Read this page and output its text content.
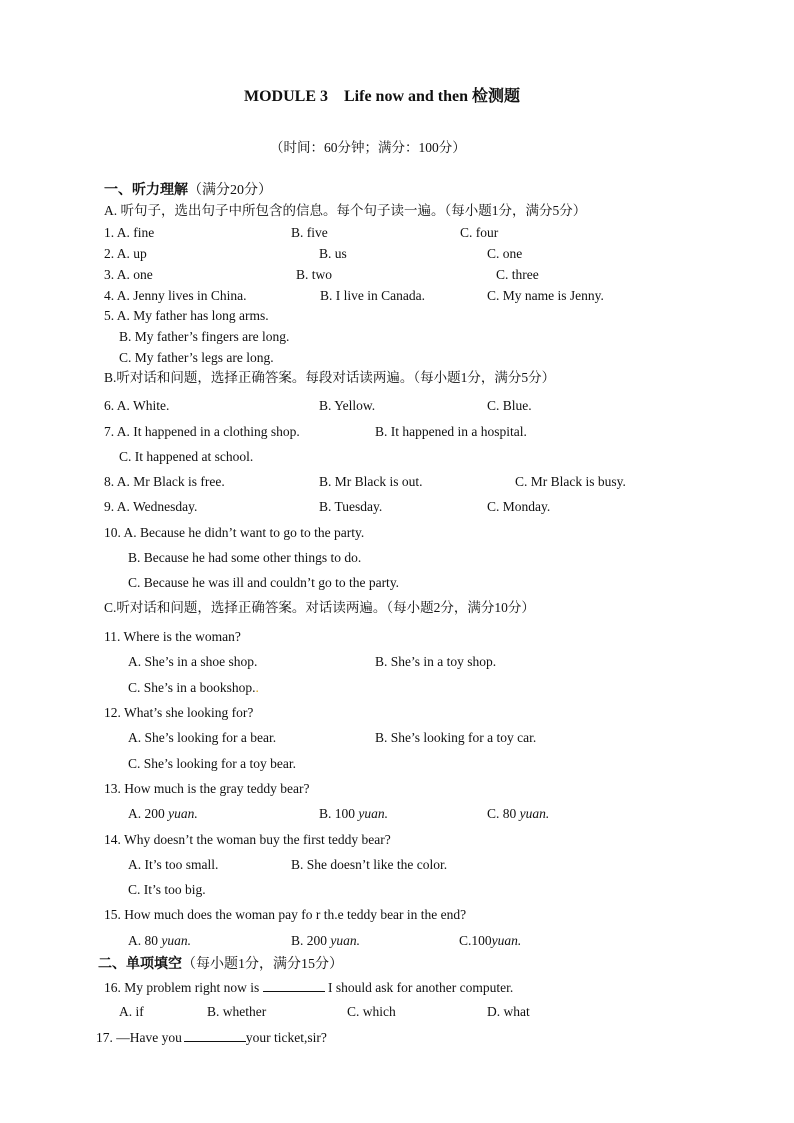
MODULE 3　Life now and then 检测题
（时间：60分钟；满分：100分）
一、听力理解（满分20分）
A. 听句子，选出句子中所包含的信息。每个句子读一遍。（每小题1分，满分5分）
1. A. fine	B. five	C. four
2. A. up	B. us	C. one
3. A. one	B. two	C. three
4. A. Jenny lives in China.	B. I live in Canada.	C. My name is Jenny.
5. A. My father has long arms.
B. My father’s fingers are long.
C. My father’s legs are long.
B.听对话和问题，选择正确答案。每段对话读两遍。（每小题1分，满分5分）
6. A. White.	B. Yellow.	C. Blue.
7. A. It happened in a clothing shop.	B. It happened in a hospital.
C. It happened at school.
8. A. Mr Black is free.	B. Mr Black is out.	C. Mr Black is busy.
9. A. Wednesday.	B. Tuesday.	C. Monday.
10. A. Because he didn’t want to go to the party.
B. Because he had some other things to do.
C. Because he was ill and couldn’t go to the party.
C.听对话和问题，选择正确答案。对话读两遍。（每小题2分，满分10分）
11. Where is the woman?
A. She’s in a shoe shop.	B. She’s in a toy shop.
C. She’s in a bookshop..
12. What’s she looking for?
A. She’s looking for a bear.	B. She’s looking for a toy car.
C. She’s looking for a toy bear.
13. How much is the gray teddy bear?
A. 200 yuan.	B. 100 yuan.	C. 80 yuan.
14. Why doesn’t the woman buy the first teddy bear?
A. It’s too small.	B. She doesn’t like the color.
C. It’s too big.
15. How much does the woman pay fo r th.e teddy bear in the end?
A. 80 yuan.	B. 200 yuan.	C.100yuan.
二、单项填空（每小题1分，满分15分）
16. My problem right now is	I should ask for another computer.
A. if	B. whether	C. which	D. what
17. —Have you	your ticket,sir?
